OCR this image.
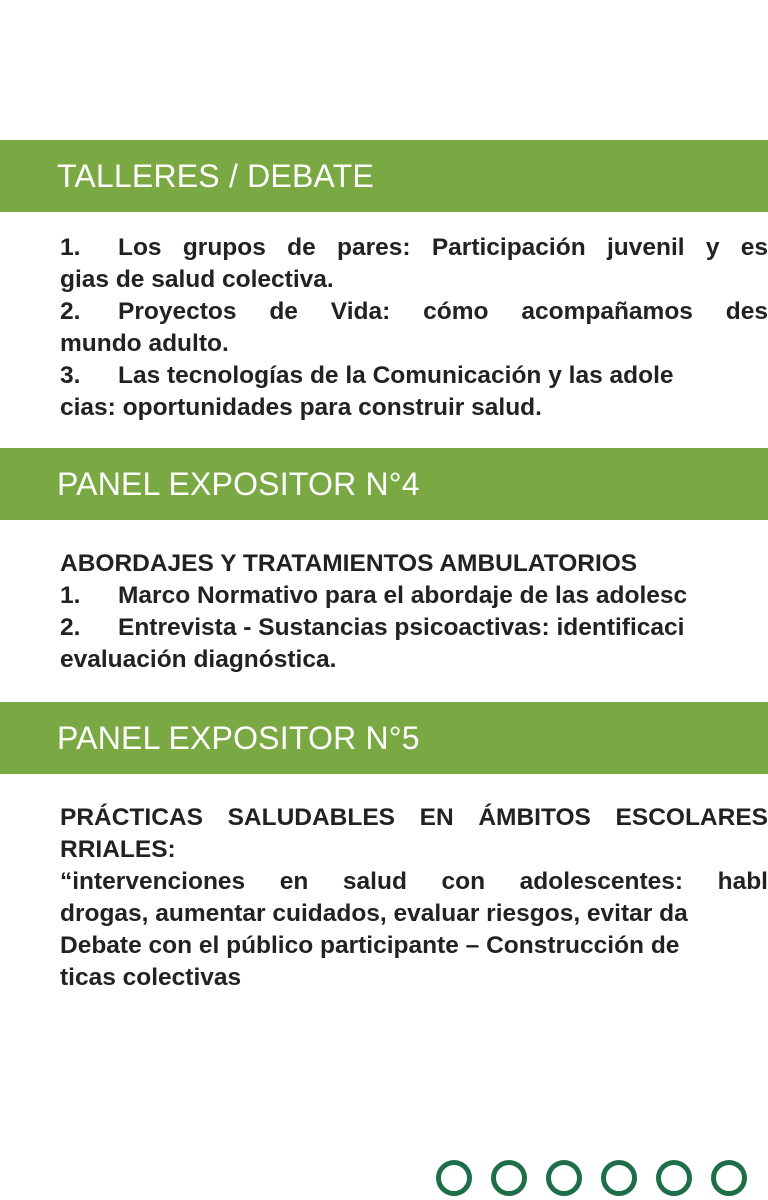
TALLERES / DEBATE
1. Los grupos de pares: Participación juvenil y es
gias de salud colectiva.
2. Proyectos de Vida: cómo acompañamos des
mundo adulto.
3. Las tecnologías de la Comunicación y las adole
cias: oportunidades para construir salud.
PANEL EXPOSITOR N°4
ABORDAJES Y TRATAMIENTOS AMBULATORIOS
1. Marco Normativo para el abordaje de las adolesc
2. Entrevista - Sustancias psicoactivas: identificaci
evaluación diagnóstica.
PANEL EXPOSITOR N°5
PRÁCTICAS SALUDABLES EN ÁMBITOS ESCOLARES
RRIALES:
“intervenciones en salud con adolescentes: habl
drogas, aumentar cuidados, evaluar riesgos, evitar da
Debate con el público participante – Construcción de
ticas colectivas
